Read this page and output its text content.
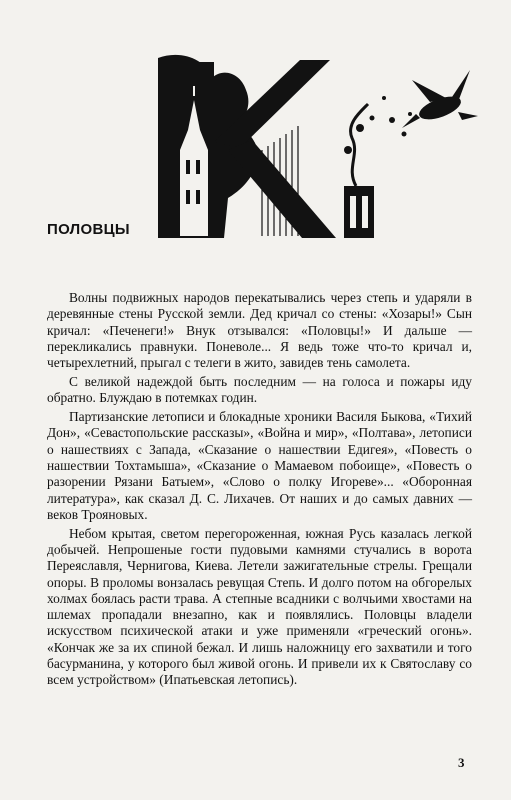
ПОЛОВЦЫ

Волны подвижных народов перекатывались через степь и ударяли в деревянные стены Русской земли. Дед кричал со стены: «Хозары!» Сын кричал: «Печенеги!» Внук отзывался: «Половцы!» И дальше — перекликались правнуки. Поневоле... Я ведь тоже что-то кричал и, четырехлетний, прыгал с телеги в жито, завидев тень самолета.

С великой надеждой быть последним — на голоса и пожары иду обратно. Блуждаю в потемках годин.

Партизанские летописи и блокадные хроники Василя Быкова, «Тихий Дон», «Севастопольские рассказы», «Война и мир», «Полтава», летописи о нашествиях с Запада, «Сказание о нашествии Едигея», «Повесть о нашествии Тохтамыша», «Сказание о Мамаевом побоище», «Повесть о разорении Рязани Батыем», «Слово о полку Игореве»... «Оборонная литература», как сказал Д. С. Лихачев. От наших и до самых давних — веков Трояновых.

Небом крытая, светом перегороженная, южная Русь казалась легкой добычей. Непрошеные гости пудовыми камнями стучались в ворота Переяславля, Чернигова, Киева. Летели зажигательные стрелы. Грещали опоры. В проломы вонзалась ревущая Степь. И долго потом на обгорелых холмах боялась расти трава. А степные всадники с волчьими хвостами на шлемах пропадали внезапно, как и появлялись. Половцы владели искусством психической атаки и уже применяли «греческий огонь». «Кончак же за их спиной бежал. И лишь наложницу его захватили и того басурманина, у которого был живой огонь. И привели их к Святославу со всем устройством» (Ипатьевская летопись).

3
